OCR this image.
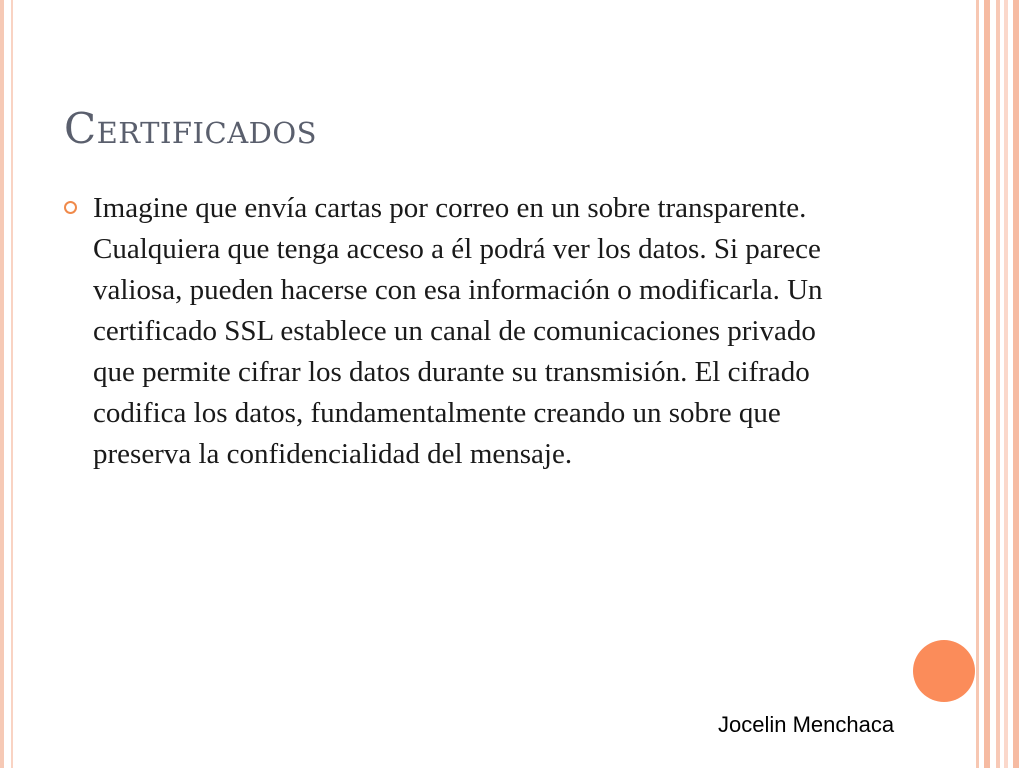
Certificados

Imagine que envía cartas por correo en un sobre transparente. Cualquiera que tenga acceso a él podrá ver los datos. Si parece valiosa, pueden hacerse con esa información o modificarla. Un certificado SSL establece un canal de comunicaciones privado que permite cifrar los datos durante su transmisión. El cifrado codifica los datos, fundamentalmente creando un sobre que preserva la confidencialidad del mensaje.

Jocelin Menchaca
